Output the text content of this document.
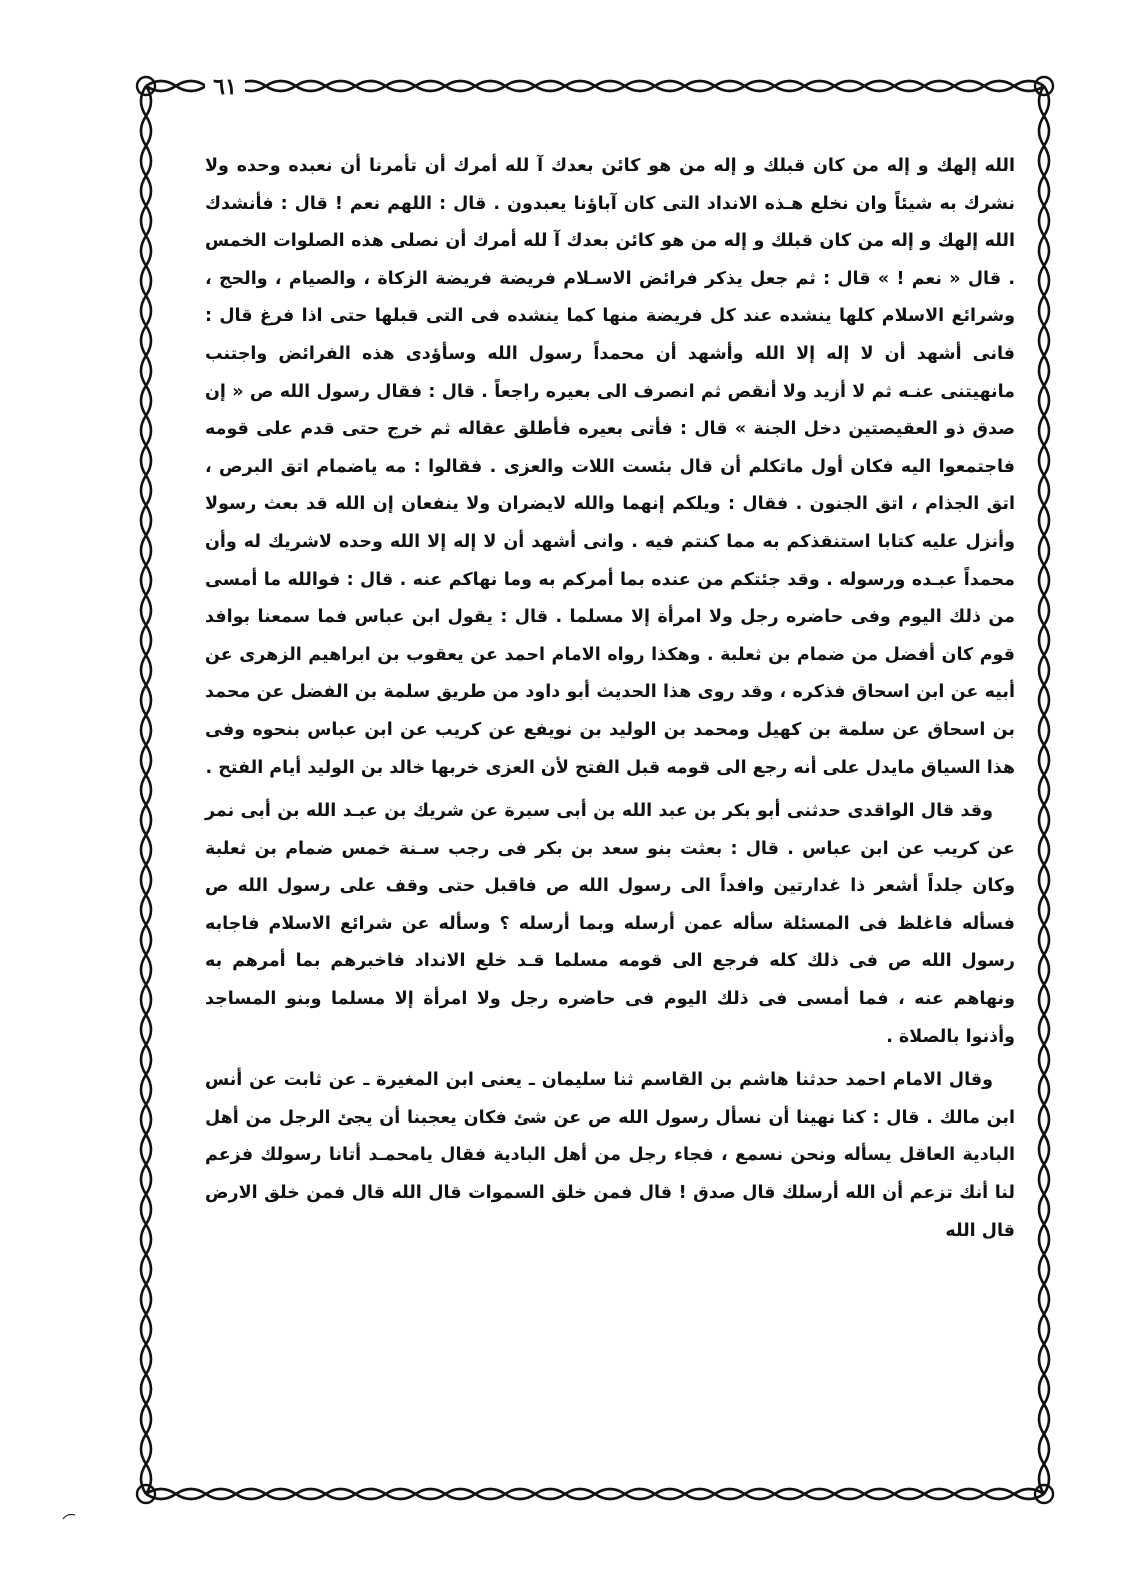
٦١

الله إلهك و إله من كان قبلك و إله من هو كائن بعدك آ لله أمرك أن تأمرنا أن نعبده وحده ولا نشرك به شيئاً وان نخلع هـذه الانداد التى كان آباؤنا يعبدون . قال : اللهم نعم ! قال : فأنشدك الله إلهك و إله من كان قبلك و إله من هو كائن بعدك آ لله أمرك أن نصلى هذه الصلوات الخمس . قال « نعم ! » قال : ثم جعل يذكر فرائض الاسـلام فريضة فريضة الزكاة ، والصيام ، والحج ، وشرائع الاسلام كلها ينشده عند كل فريضة منها كما ينشده فى التى قبلها حتى اذا فرغ قال : فانى أشهد أن لا إله إلا الله وأشهد أن محمداً رسول الله وسأؤدى هذه الفرائض واجتنب مانهيتنى عنـه ثم لا أزيد ولا أنقص ثم انصرف الى بعيره راجعاً . قال : فقال رسول الله ص « إن صدق ذو العقيصتين دخل الجنة » قال : فأتى بعيره فأطلق عقاله ثم خرج حتى قدم على قومه فاجتمعوا اليه فكان أول ماتكلم أن قال بئست اللات والعزى . فقالوا : مه ياضمام اتق البرص ، اتق الجذام ، اتق الجنون . فقال : ويلكم إنهما والله لايضران ولا ينفعان إن الله قد بعث رسولا وأنزل عليه كتابا استنقذكم به مما كنتم فيه . وانى أشهد أن لا إله إلا الله وحده لاشريك له وأن محمداً عبـده ورسوله . وقد جئتكم من عنده بما أمركم به وما نهاكم عنه . قال : فوالله ما أمسى من ذلك اليوم وفى حاضره رجل ولا امرأة إلا مسلما . قال : يقول ابن عباس فما سمعنا بوافد قوم كان أفضل من ضمام بن ثعلبة . وهكذا رواه الامام احمد عن يعقوب بن ابراهيم الزهرى عن أبيه عن ابن اسحاق فذكره ، وقد روى هذا الحديث أبو داود من طريق سلمة بن الفضل عن محمد بن اسحاق عن سلمة بن كهيل ومحمد بن الوليد بن نويفع عن كريب عن ابن عباس بنحوه وفى هذا السياق مايدل على أنه رجع الى قومه قبل الفتح لأن العزى خربها خالد بن الوليد أيام الفتح .

وقد قال الواقدى حدثنى أبو بكر بن عبد الله بن أبى سبرة عن شريك بن عبـد الله بن أبى نمر عن كريب عن ابن عباس . قال : بعثت بنو سعد بن بكر فى رجب سـنة خمس ضمام بن ثعلبة وكان جلداً أشعر ذا غدارتين وافداً الى رسول الله ص فاقبل حتى وقف على رسول الله ص فسأله فاغلظ فى المسئلة سأله عمن أرسله وبما أرسله ؟ وسأله عن شرائع الاسلام فاجابه رسول الله ص فى ذلك كله فرجع الى قومه مسلما قـد خلع الانداد فاخبرهم بما أمرهم به ونهاهم عنه ، فما أمسى فى ذلك اليوم فى حاضره رجل ولا امرأة إلا مسلما وبنو المساجد وأذنوا بالصلاة .

وقال الامام احمد حدثنا هاشم بن القاسم ثنا سليمان ـ يعنى ابن المغيرة ـ عن ثابت عن أنس ابن مالك . قال : كنا نهينا أن نسأل رسول الله ص عن شئ فكان يعجبنا أن يجئ الرجل من أهل البادية العاقل يسأله ونحن نسمع ، فجاء رجل من أهل البادية فقال يامحمـد أتانا رسولك فزعم لنا أنك تزعم أن الله أرسلك قال صدق ! قال فمن خلق السموات قال الله قال فمن خلق الارض قال الله
